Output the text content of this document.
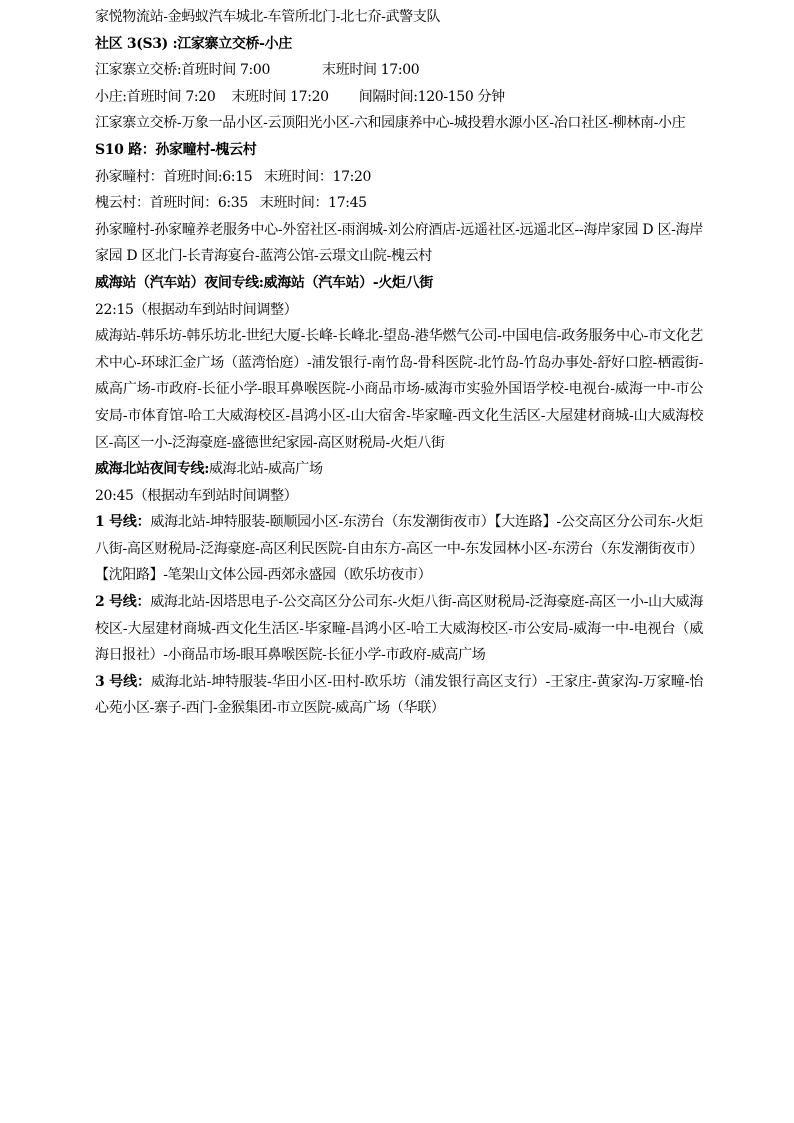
家悦物流站-金蚂蚁汽车城北-车管所北门-北七夼-武警支队

社区 3(S3) :江家寨立交桥-小庄

江家寨立交桥:首班时间 7:00	末班时间 17:00

小庄:首班时间 7:20 末班时间 17:20 间隔时间:120-150 分钟

江家寨立交桥-万象一品小区-云顶阳光小区-六和园康养中心-城投碧水源小区-冶口社区-柳林南-小庄

S10 路：孙家疃村-槐云村

孙家疃村：首班时间:6:15 末班时间：17:20

槐云村：首班时间：6:35 末班时间：17:45

孙家疃村-孙家疃养老服务中心-外窑社区-雨润城-刘公府酒店-远遥社区-远遥北区--海岸家园 D 区-海岸家园 D 区北门-长青海宴台-蓝湾公馆-云璟文山院-槐云村

威海站（汽车站）夜间专线:威海站（汽车站）-火炬八街

22:15（根据动车到站时间调整）

威海站-韩乐坊-韩乐坊北-世纪大厦-长峰-长峰北-望岛-港华燃气公司-中国电信-政务服务中心-市文化艺术中心-环球汇金广场（蓝湾怡庭）-浦发银行-南竹岛-骨科医院-北竹岛-竹岛办事处-舒好口腔-栖霞街-威高广场-市政府-长征小学-眼耳鼻喉医院-小商品市场-威海市实验外国语学校-电视台-威海一中-市公安局-市体育馆-哈工大威海校区-昌鸿小区-山大宿舍-毕家疃-西文化生活区-大屋建材商城-山大威海校区-高区一小-泛海豪庭-盛德世纪家园-高区财税局-火炬八街

威海北站夜间专线:威海北站-威高广场

20:45（根据动车到站时间调整）

1 号线：威海北站-坤特服装-颐顺园小区-东涝台（东发潮街夜市）【大连路】-公交高区分公司东-火炬八街-高区财税局-泛海豪庭-高区利民医院-自由东方-高区一中-东发园林小区-东涝台（东发潮街夜市）【沈阳路】-笔架山文体公园-西郊永盛园（欧乐坊夜市）

2 号线：威海北站-因塔思电子-公交高区分公司东-火炬八街-高区财税局-泛海豪庭-高区一小-山大威海校区-大屋建材商城-西文化生活区-毕家疃-昌鸿小区-哈工大威海校区-市公安局-威海一中-电视台（威海日报社）-小商品市场-眼耳鼻喉医院-长征小学-市政府-威高广场

3 号线：威海北站-坤特服装-华田小区-田村-欧乐坊（浦发银行高区支行）-王家庄-黄家沟-万家疃-怡心苑小区-寨子-西门-金猴集团-市立医院-威高广场（华联）
